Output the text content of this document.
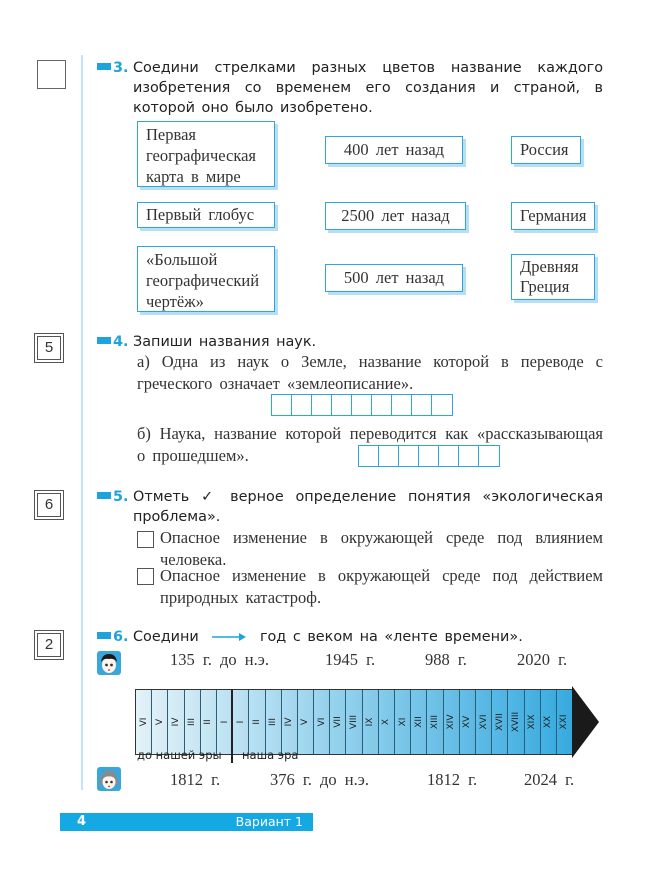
3. Соедини стрелками разных цветов название каждого изобретения со временем его создания и страной, в которой оно было изобретено.
Первая географическая карта в мире
Первый глобус
«Большой географический чертёж»
400 лет назад
2500 лет назад
500 лет назад
Россия
Германия
Древняя Греция
5	4. Запиши названия наук.
а) Одна из наук о Земле, название которой в переводе с греческого означает «землеописание».
б) Наука, название которой переводится как «рассказывающая о прошедшем».
6	5. Отметь ✓ верное определение понятия «экологическая проблема».
Опасное изменение в окружающей среде под влиянием человека.
Опасное изменение в окружающей среде под действием природных катастроф.
2	6. Соедини	год с веком на «ленте времени».
135 г. до н.э.	1945 г.	988 г.	2020 г.
VI V IV III II I I II III IV V VI VII VIII IX X XI XII XIII XIV XV XVI XVII XVIII XIX XX XXI
до нашей эры наша эра
1812 г.	376 г. до н.э.	1812 г.	2024 г.
4	Вариант 1
